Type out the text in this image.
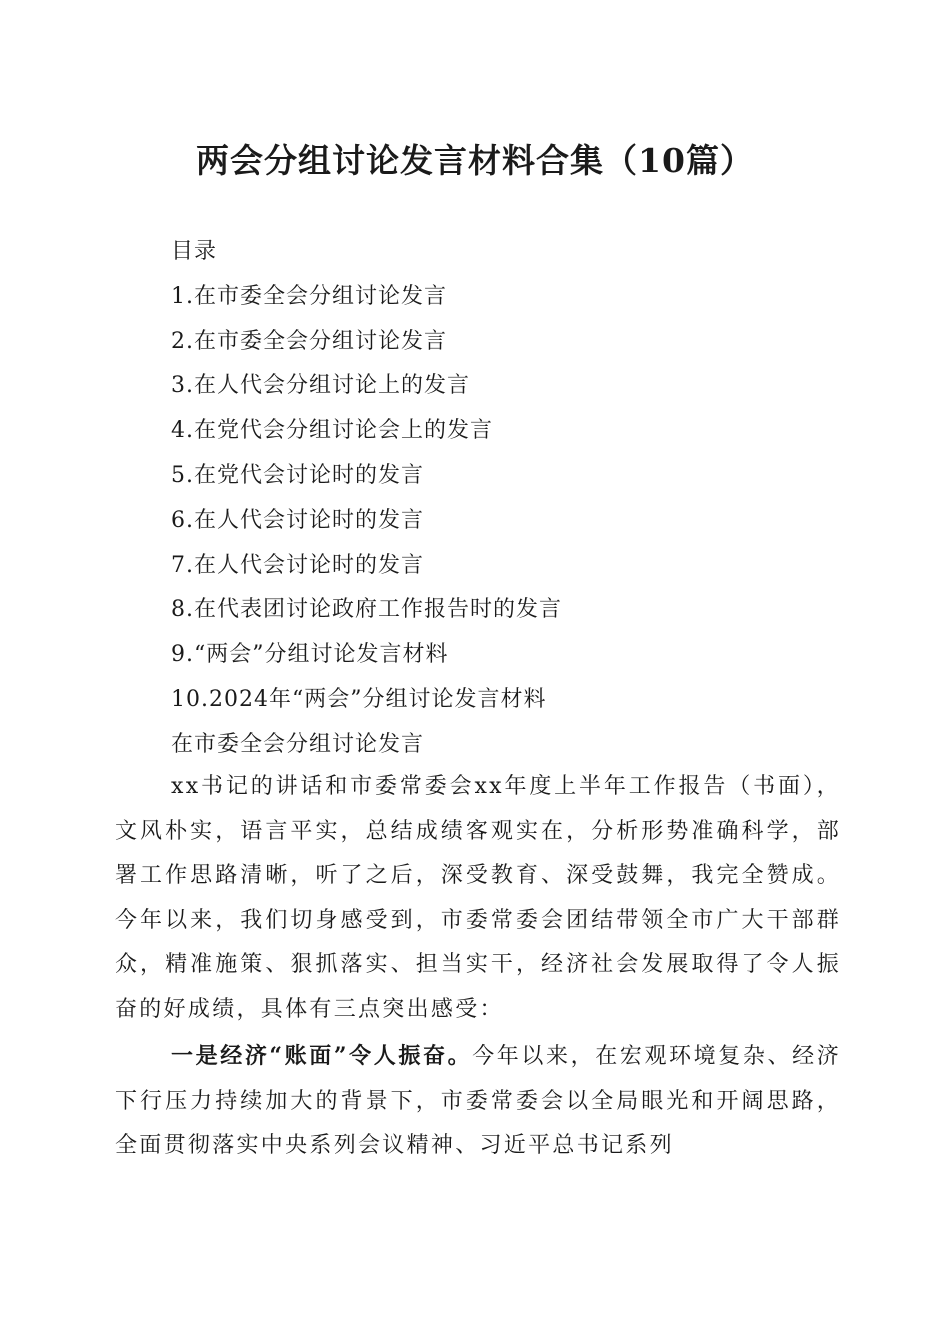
两会分组讨论发言材料合集（10篇）
目录
1.在市委全会分组讨论发言
2.在市委全会分组讨论发言
3.在人代会分组讨论上的发言
4.在党代会分组讨论会上的发言
5.在党代会讨论时的发言
6.在人代会讨论时的发言
7.在人代会讨论时的发言
8.在代表团讨论政府工作报告时的发言
9.“两会”分组讨论发言材料
10.2024年“两会”分组讨论发言材料
在市委全会分组讨论发言

xx书记的讲话和市委常委会xx年度上半年工作报告（书面），文风朴实，语言平实，总结成绩客观实在，分析形势准确科学，部署工作思路清晰，听了之后，深受教育、深受鼓舞，我完全赞成。今年以来，我们切身感受到，市委常委会团结带领全市广大干部群众，精准施策、狠抓落实、担当实干，经济社会发展取得了令人振奋的好成绩，具体有三点突出感受：

一是经济“账面”令人振奋。今年以来，在宏观环境复杂、经济下行压力持续加大的背景下，市委常委会以全局眼光和开阔思路，全面贯彻落实中央系列会议精神、习近平总书记系列
